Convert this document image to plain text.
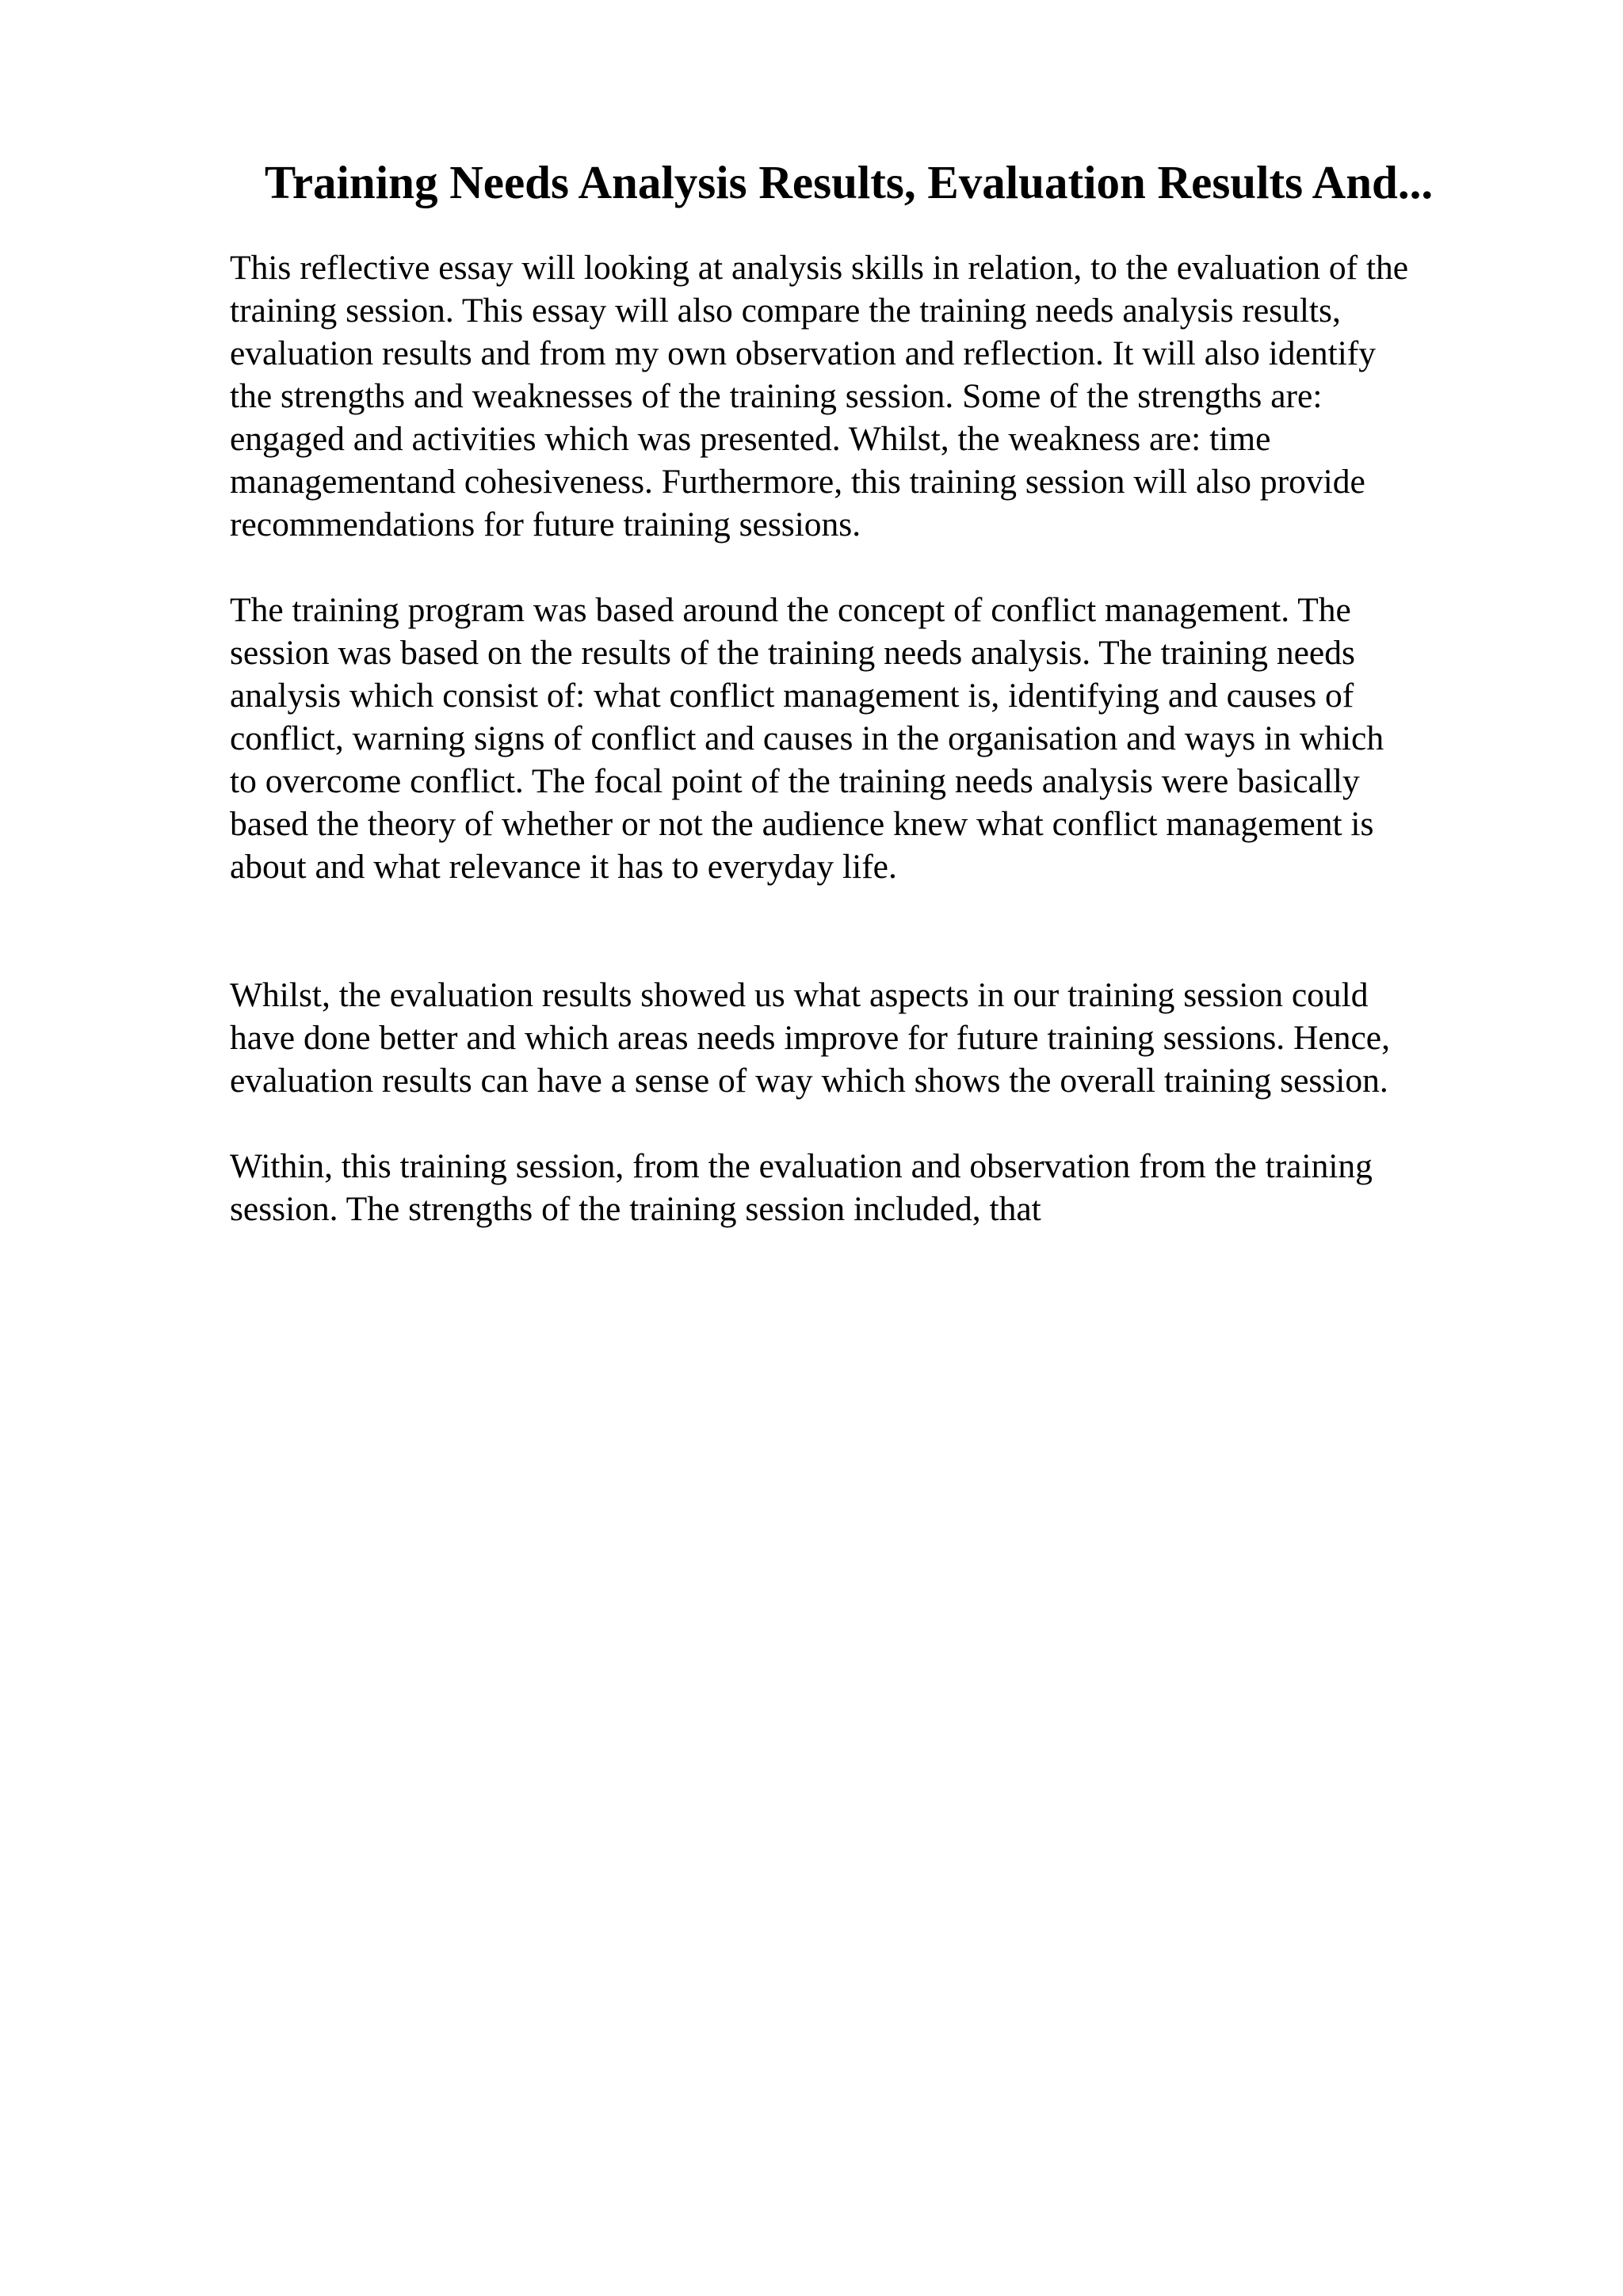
Training Needs Analysis Results, Evaluation Results And...

This reflective essay will looking at analysis skills in relation, to the evaluation of the
training session. This essay will also compare the training needs analysis results,
evaluation results and from my own observation and reflection. It will also identify
the strengths and weaknesses of the training session. Some of the strengths are:
engaged and activities which was presented. Whilst, the weakness are: time
managementand cohesiveness. Furthermore, this training session will also provide
recommendations for future training sessions.

The training program was based around the concept of conflict management. The
session was based on the results of the training needs analysis. The training needs
analysis which consist of: what conflict management is, identifying and causes of
conflict, warning signs of conflict and causes in the organisation and ways in which
to overcome conflict. The focal point of the training needs analysis were basically
based the theory of whether or not the audience knew what conflict management is
about and what relevance it has to everyday life.

Whilst, the evaluation results showed us what aspects in our training session could
have done better and which areas needs improve for future training sessions. Hence,
evaluation results can have a sense of way which shows the overall training session.

Within, this training session, from the evaluation and observation from the training
session. The strengths of the training session included, that
